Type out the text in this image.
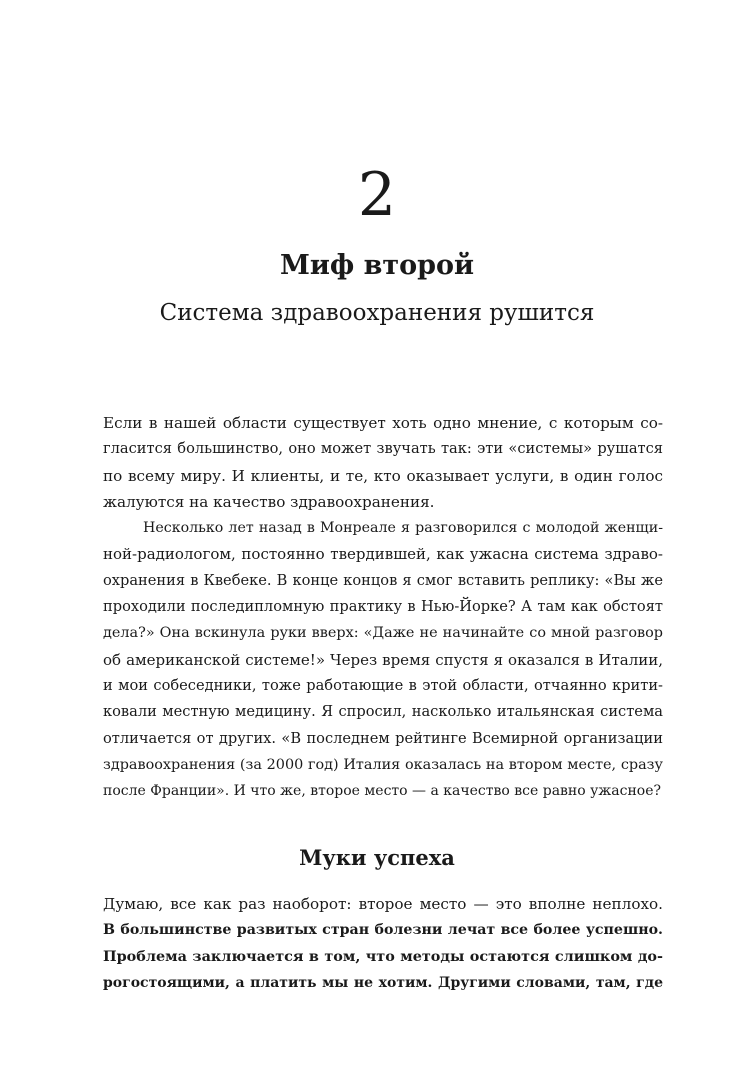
2
Миф второй
Система здравоохранения рушится
Если в нашей области существует хоть одно мнение, с которым со-
гласится большинство, оно может звучать так: эти «системы» рушатся
по всему миру. И клиенты, и те, кто оказывает услуги, в один голос
жалуются на качество здравоохранения.
Несколько лет назад в Монреале я разговорился с молодой женщи-
ной-радиологом, постоянно твердившей, как ужасна система здраво-
охранения в Квебеке. В конце концов я смог вставить реплику: «Вы же
проходили последипломную практику в Нью-Йорке? А там как обстоят
дела?» Она вскинула руки вверх: «Даже не начинайте со мной разговор
об американской системе!» Через время спустя я оказался в Италии,
и мои собеседники, тоже работающие в этой области, отчаянно крити-
ковали местную медицину. Я спросил, насколько итальянская система
отличается от других. «В последнем рейтинге Всемирной организации
здравоохранения (за 2000 год) Италия оказалась на втором месте, сразу
после Франции». И что же, второе место — а качество все равно ужасное?
Муки успеха
Думаю, все как раз наоборот: второе место — это вполне неплохо.
В большинстве развитых стран болезни лечат все более успешно.
Проблема заключается в том, что методы остаются слишком до-
рогостоящими, а платить мы не хотим. Другими словами, там, где
